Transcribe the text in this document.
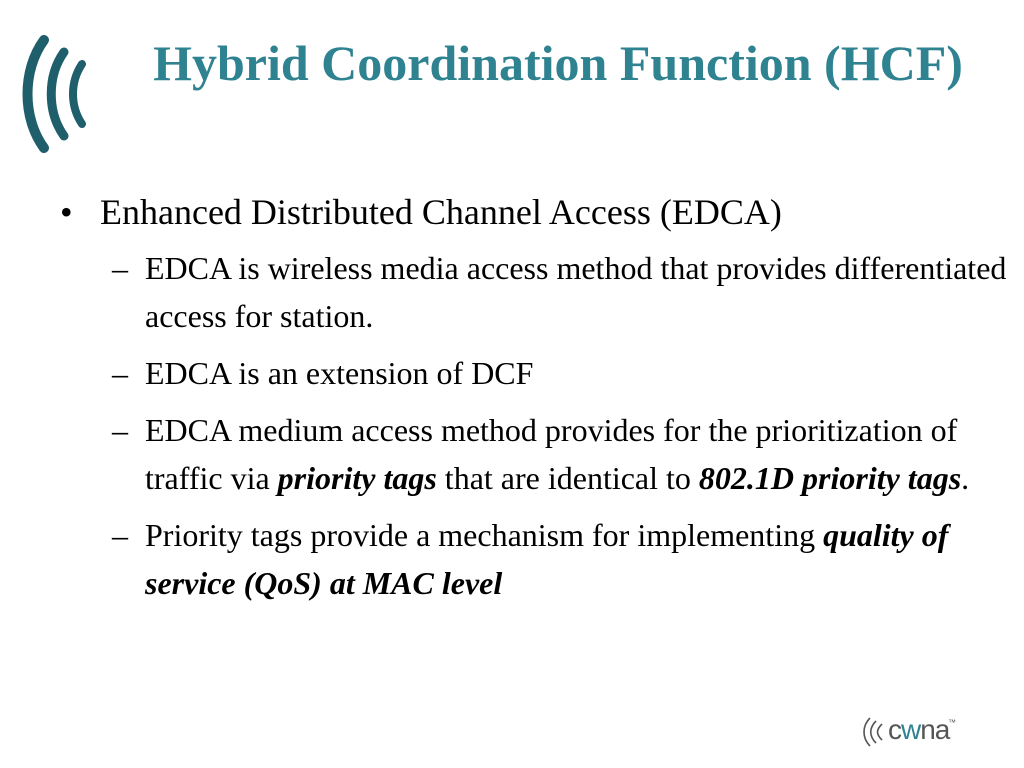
Hybrid Coordination Function (HCF)
• Enhanced Distributed Channel Access (EDCA)
– EDCA is wireless media access method that provides differentiated access for station.
– EDCA is an extension of DCF
– EDCA medium access method provides for the prioritization of traffic via priority tags that are identical to 802.1D priority tags.
– Priority tags provide a mechanism for implementing quality of service (QoS) at MAC level
cwna
™
